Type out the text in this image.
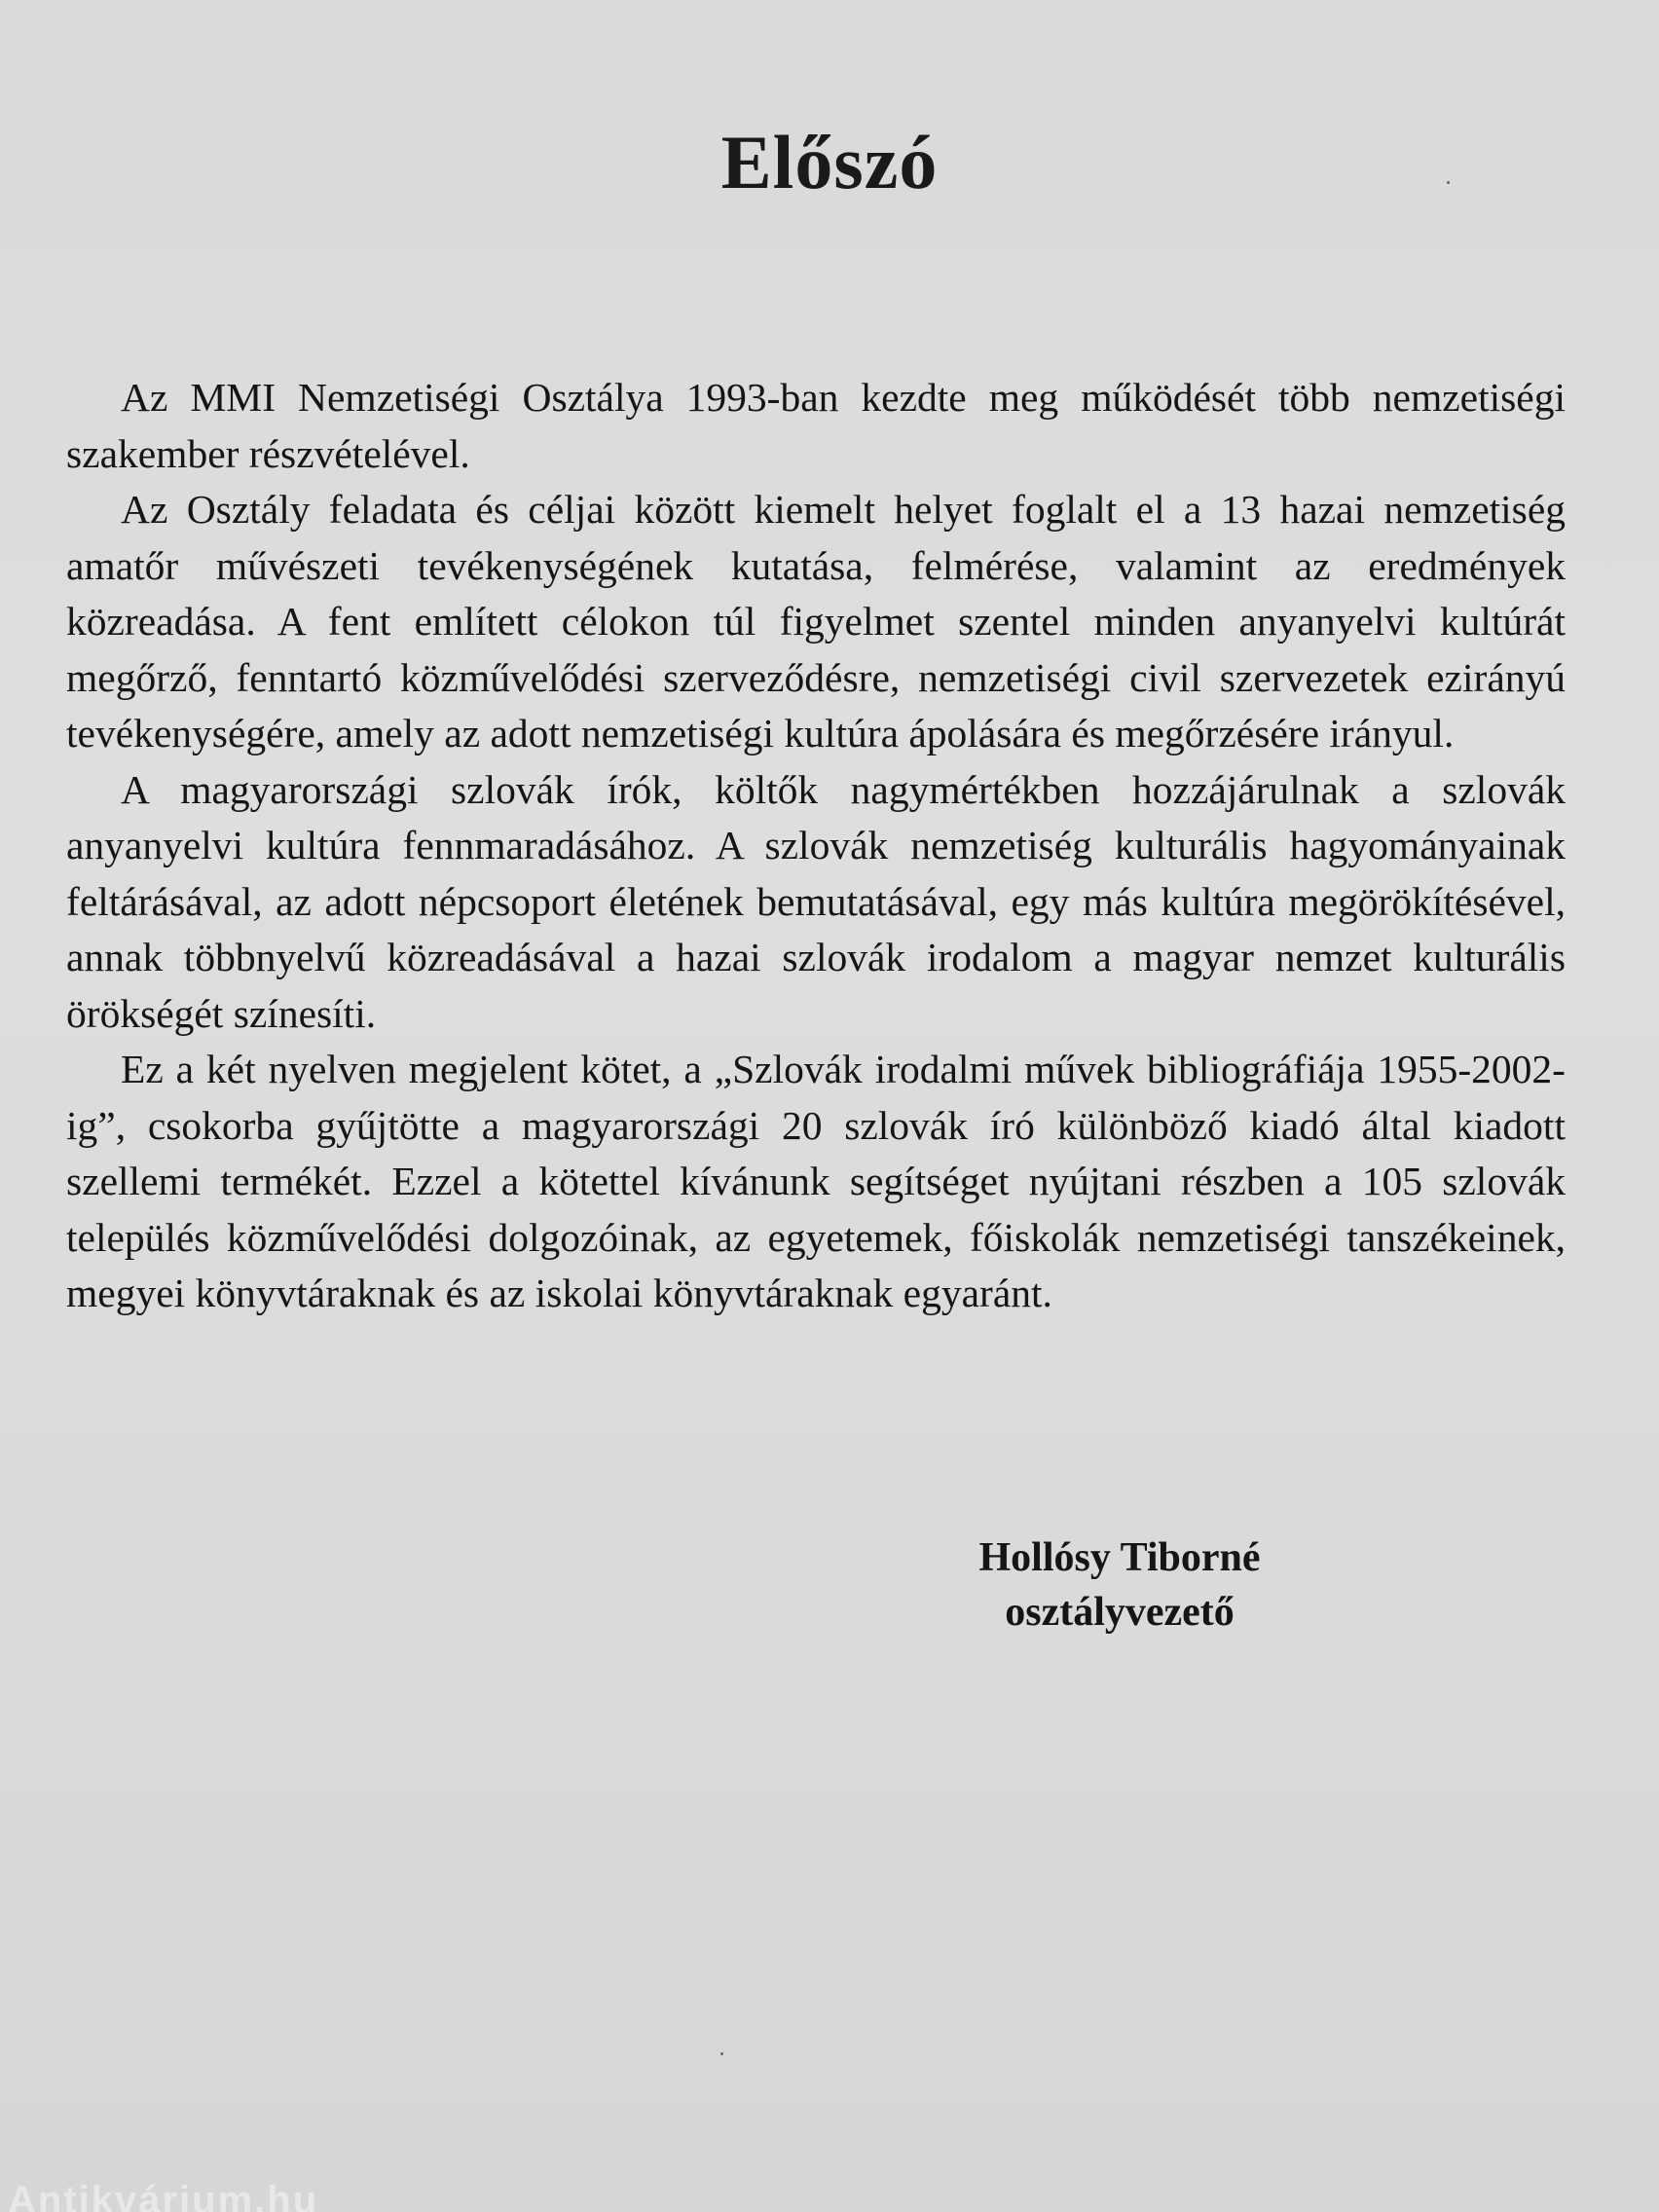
Előszó

Az MMI Nemzetiségi Osztálya 1993-ban kezdte meg működését több nemzetiségi szakember részvételével.

Az Osztály feladata és céljai között kiemelt helyet foglalt el a 13 hazai nemzetiség amatőr művészeti tevékenységének kutatása, felmérése, valamint az eredmények közreadása. A fent említett célokon túl figyelmet szentel minden anyanyelvi kultúrát megőrző, fenntartó közművelődési szerveződésre, nemzetiségi civil szervezetek ezirányú tevékenységére, amely az adott nemzetiségi kultúra ápolására és megőrzésére irányul.

A magyarországi szlovák írók, költők nagymértékben hozzájárulnak a szlovák anyanyelvi kultúra fennmaradásához. A szlovák nemzetiség kulturális hagyományainak feltárásával, az adott népcsoport életének bemutatásával, egy más kultúra megörökítésével, annak többnyelvű közreadásával a hazai szlovák irodalom a magyar nemzet kulturális örökségét színesíti.

Ez a két nyelven megjelent kötet, a „Szlovák irodalmi művek bibliográfiája 1955-2002-ig”, csokorba gyűjtötte a magyarországi 20 szlovák író különböző kiadó által kiadott szellemi termékét. Ezzel a kötettel kívánunk segítséget nyújtani részben a 105 szlovák település közművelődési dolgozóinak, az egyetemek, főiskolák nemzetiségi tanszékeinek, megyei könyvtáraknak és az iskolai könyvtáraknak egyaránt.

Hollósy Tiborné
osztályvezető
Antikvárium.hu
